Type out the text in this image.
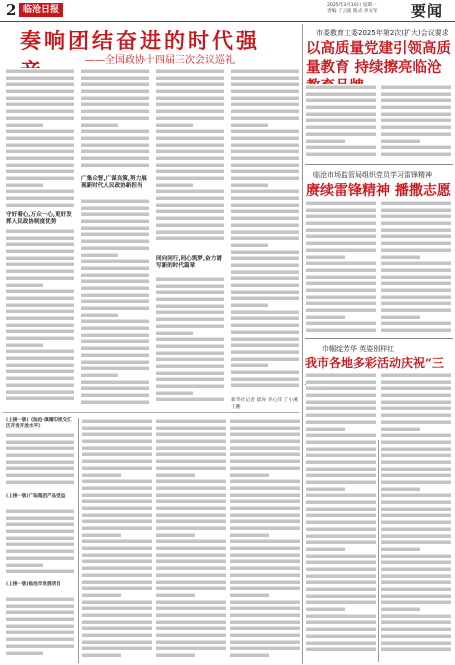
2 临沧日报	2025年3月10日 星期一
责编:丁云波 版式:李文军	要闻
奏响团结奋进的时代强
——全国政协十四届三次会议巡礼
守好着心,万众一心,更好发挥人民政协制度优势
广集众智,广谋良策,努力展现新时代人民政协新担当
同向同行,同心筑梦,奋力谱写新的时代篇章
新华社记者 翟涛 李心萍 丁小溪 王鹏
市委教育工委2025年第2次(扩大)会议要求
以高质量党建引领高质量教育 持续擦亮临沧
临沧市场监管局组织党员学习雷锋精神
赓续雷锋精神 播撒志愿
巾帼绽芳华 英姿别样红
我市各地多彩活动庆祝“三
(上接一版)《临沧·滇缅印度交汇区开发开放水平》
(上接一版)广临集团产品受益
(上接一版)临沧市发展项目
